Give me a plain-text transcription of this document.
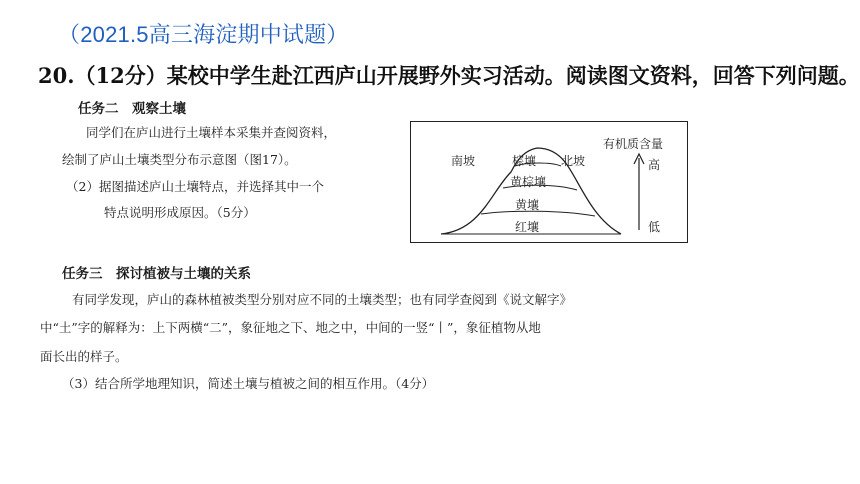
（2021.5高三海淀期中试题）
20.（12分）某校中学生赴江西庐山开展野外实习活动。阅读图文资料，回答下列问题。
任务二　观察土壤
同学们在庐山进行土壤样本采集并查阅资料，
绘制了庐山土壤类型分布示意图（图17）。
（2）据图描述庐山土壤特点，并选择其中一个
特点说明形成原因。（5分）
南坡	北坡
棕壤
黄棕壤
黄壤
红壤
有机质含量
高
低
任务三　探讨植被与土壤的关系
有同学发现，庐山的森林植被类型分别对应不同的土壤类型；也有同学查阅到《说文解字》
中“土”字的解释为：上下两横“二”，象征地之下、地之中，中间的一竖“丨”，象征植物从地
面长出的样子。
（3）结合所学地理知识，简述土壤与植被之间的相互作用。（4分）
